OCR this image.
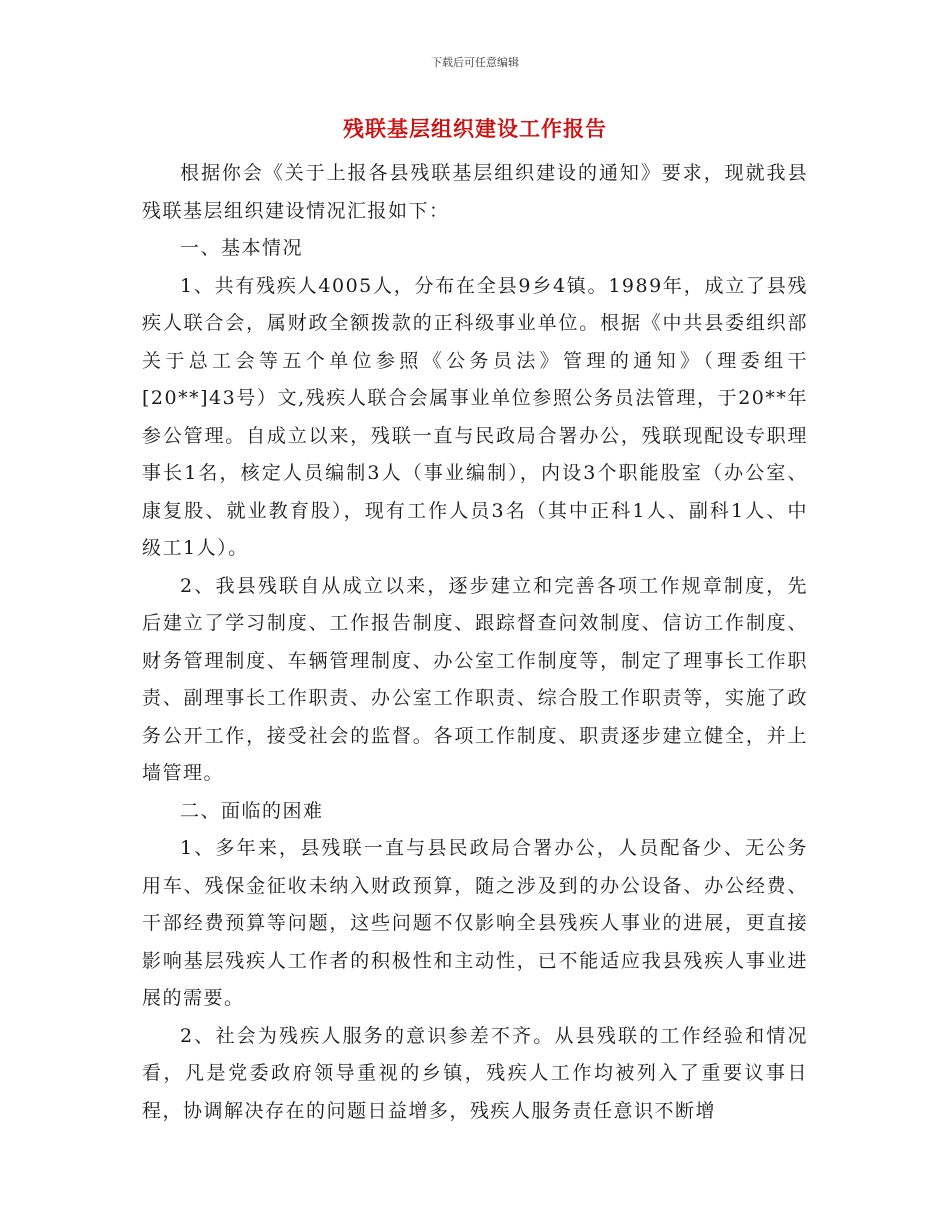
下载后可任意编辑
残联基层组织建设工作报告

根据你会《关于上报各县残联基层组织建设的通知》要求，现就我县残联基层组织建设情况汇报如下：

一、基本情况

1、共有残疾人4005人，分布在全县9乡4镇。1989年，成立了县残疾人联合会，属财政全额拨款的正科级事业单位。根据《中共县委组织部关于总工会等五个单位参照《公务员法》管理的通知》（理委组干[20**]43号）文,残疾人联合会属事业单位参照公务员法管理，于20**年参公管理。自成立以来，残联一直与民政局合署办公，残联现配设专职理事长1名，核定人员编制3人（事业编制），内设3个职能股室（办公室、康复股、就业教育股），现有工作人员3名（其中正科1人、副科1人、中级工1人）。

2、我县残联自从成立以来，逐步建立和完善各项工作规章制度，先后建立了学习制度、工作报告制度、跟踪督查问效制度、信访工作制度、财务管理制度、车辆管理制度、办公室工作制度等，制定了理事长工作职责、副理事长工作职责、办公室工作职责、综合股工作职责等，实施了政务公开工作，接受社会的监督。各项工作制度、职责逐步建立健全，并上墙管理。

二、面临的困难

1、多年来，县残联一直与县民政局合署办公，人员配备少、无公务用车、残保金征收未纳入财政预算，随之涉及到的办公设备、办公经费、干部经费预算等问题，这些问题不仅影响全县残疾人事业的进展，更直接影响基层残疾人工作者的积极性和主动性，已不能适应我县残疾人事业进展的需要。

2、社会为残疾人服务的意识参差不齐。从县残联的工作经验和情况看，凡是党委政府领导重视的乡镇，残疾人工作均被列入了重要议事日程，协调解决存在的问题日益增多，残疾人服务责任意识不断增
